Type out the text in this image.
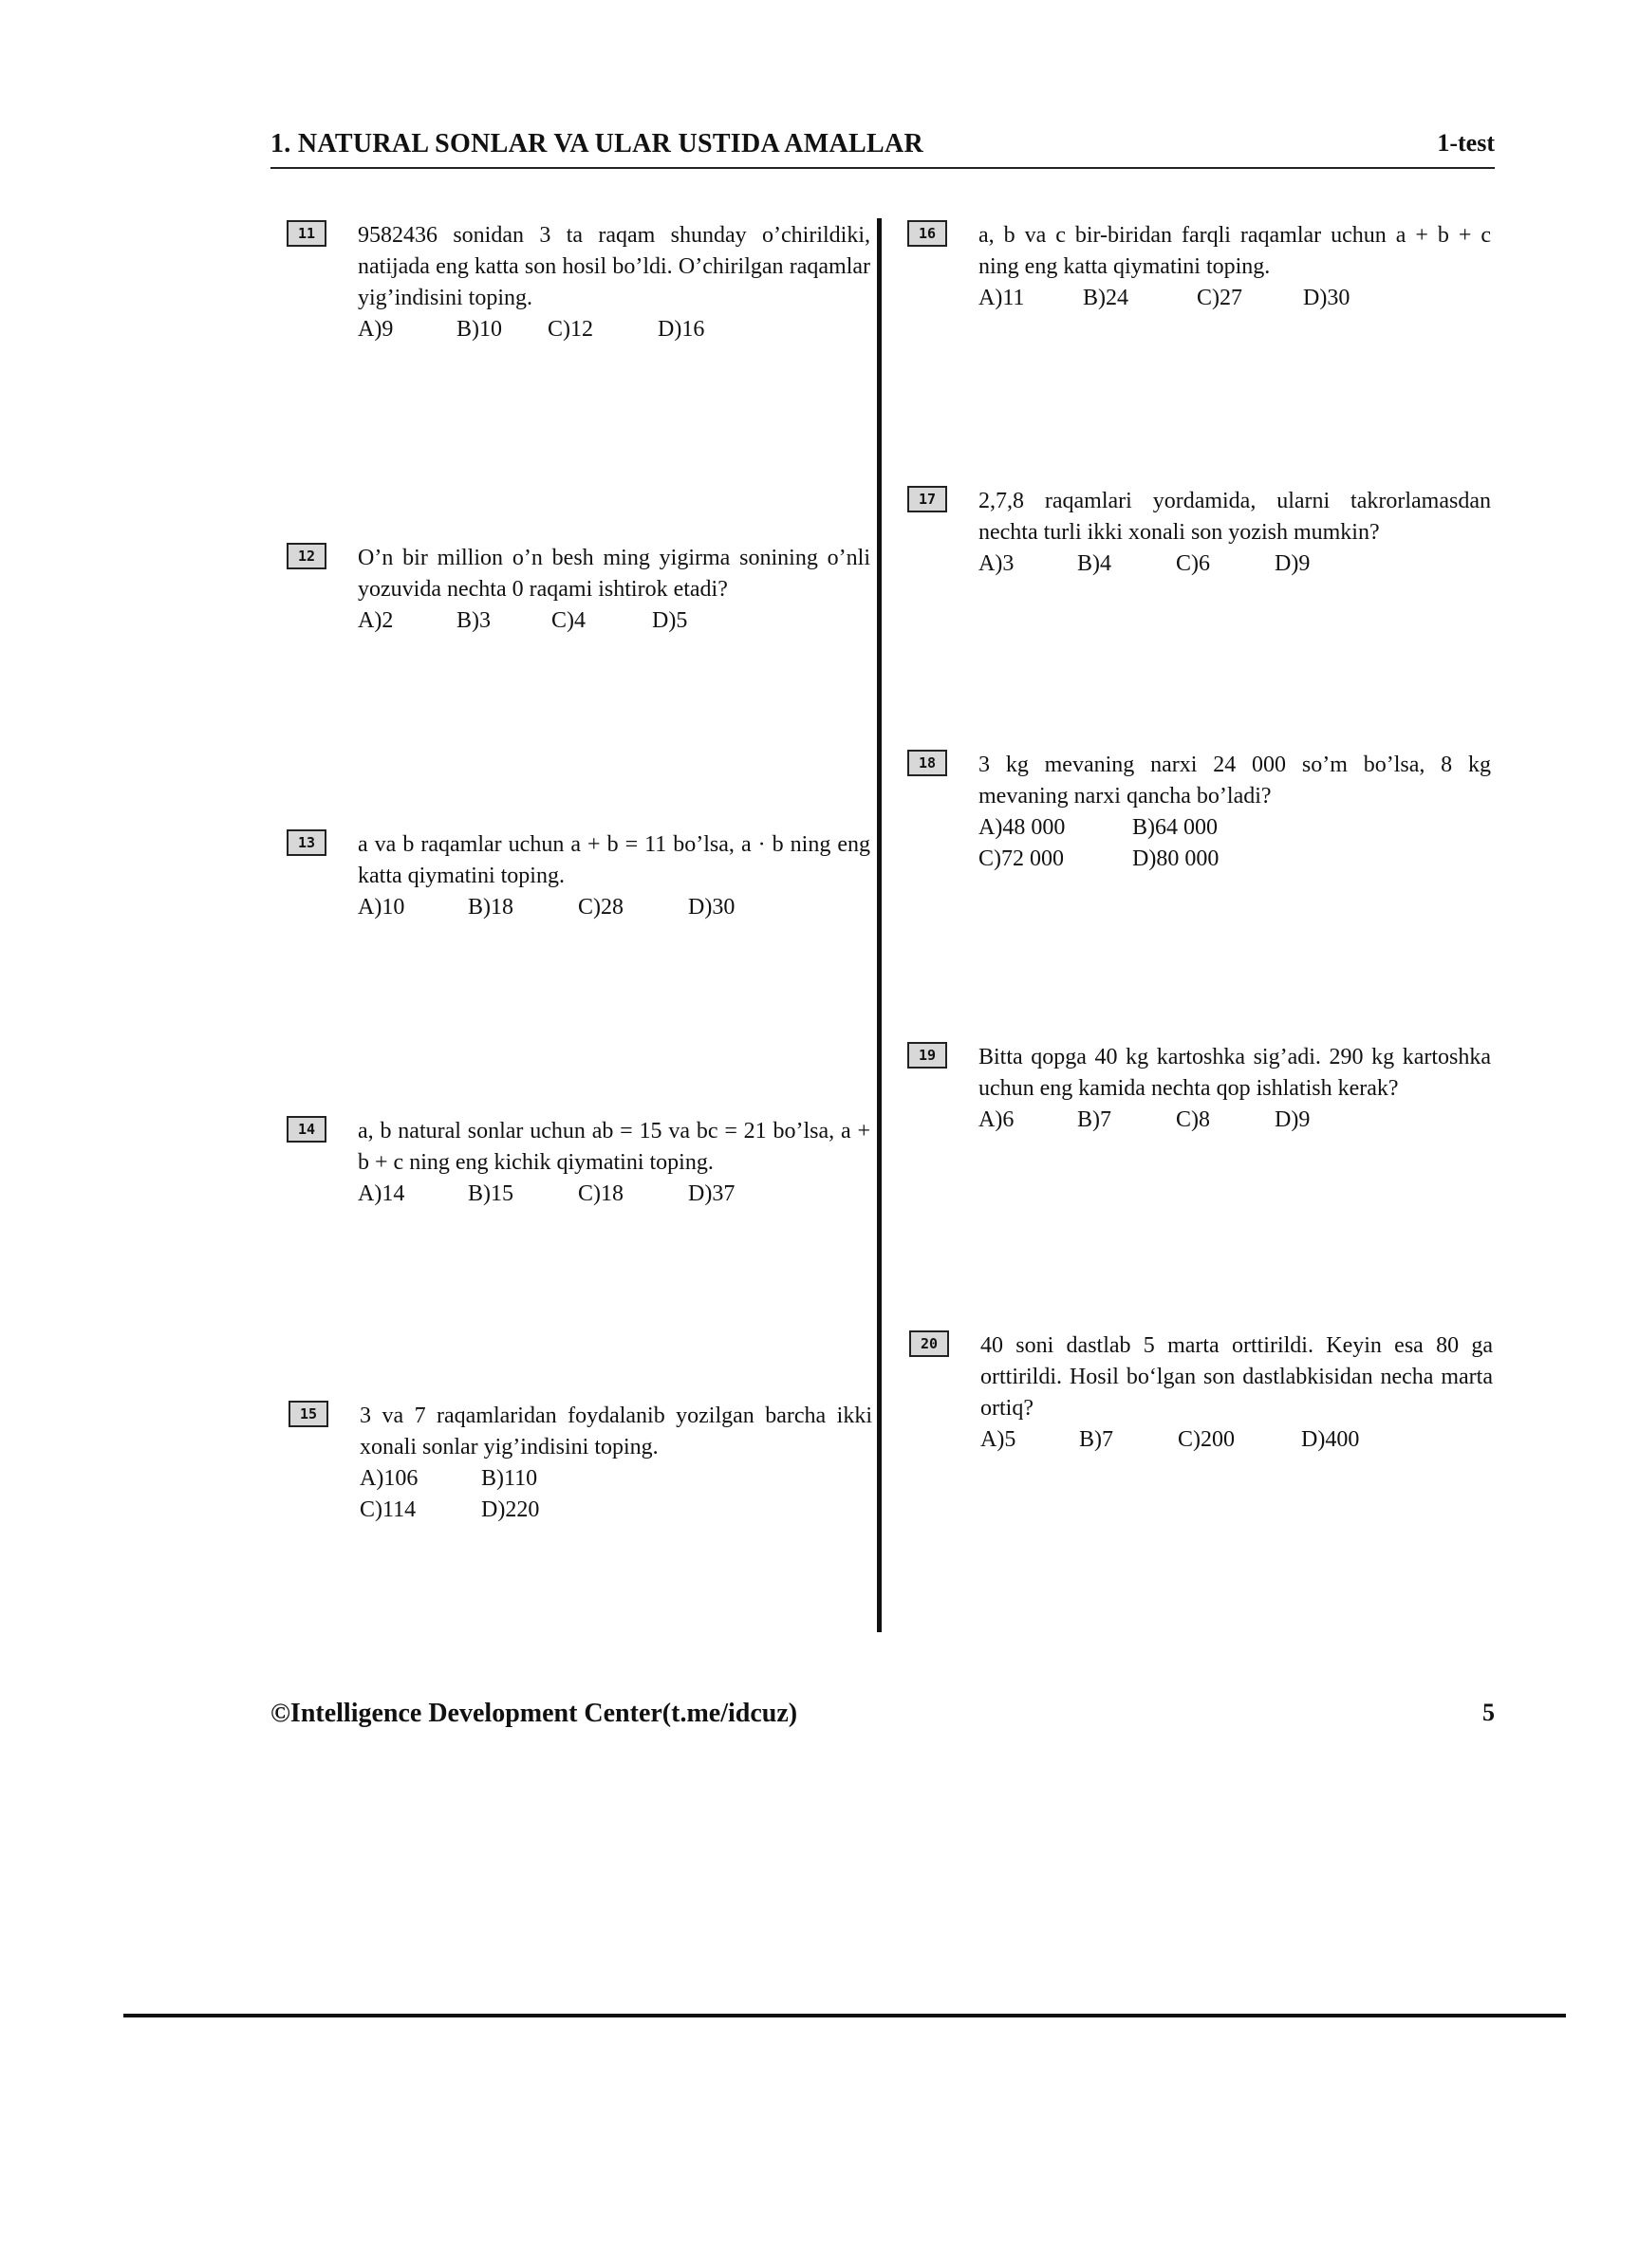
1. NATURAL SONLAR VA ULAR USTIDA AMALLAR	1-test
11	9582436 sonidan 3 ta raqam shunday o’chirildiki, natijada eng katta son hosil bo’ldi. O’chirilgan raqamlar yig’indisini toping.
A)9	B)10	C)12	D)16
12	O’n bir million o’n besh ming yigirma sonining o’nli yozuvida nechta 0 raqami ishtirok etadi?
A)2	B)3	C)4	D)5
13	a va b raqamlar uchun a + b = 11 bo’lsa, a · b ning eng katta qiymatini toping.
A)10	B)18	C)28	D)30
14	a, b natural sonlar uchun ab = 15 va bc = 21 bo’lsa, a + b + c ning eng kichik qiymatini toping.
A)14	B)15	C)18	D)37
15	3 va 7 raqamlaridan foydalanib yozilgan barcha ikki xonali sonlar yig’indisini toping.
A)106	B)110
C)114	D)220
16	a, b va c bir-biridan farqli raqamlar uchun a + b + c ning eng katta qiymatini toping.
A)11	B)24	C)27	D)30
17	2,7,8 raqamlari yordamida, ularni takrorlamasdan nechta turli ikki xonali son yozish mumkin?
A)3	B)4	C)6	D)9
18	3 kg mevaning narxi 24 000 so’m bo’lsa, 8 kg mevaning narxi qancha bo’ladi?
A)48 000	B)64 000
C)72 000	D)80 000
19	Bitta qopga 40 kg kartoshka sig’adi. 290 kg kartoshka uchun eng kamida nechta qop ishlatish kerak?
A)6	B)7	C)8	D)9
20	40 soni dastlab 5 marta orttirildi. Keyin esa 80 ga orttirildi. Hosil bo‘lgan son dastlabkisidan necha marta ortiq?
A)5	B)7	C)200	D)400
©Intelligence Development Center(t.me/idcuz)	5
